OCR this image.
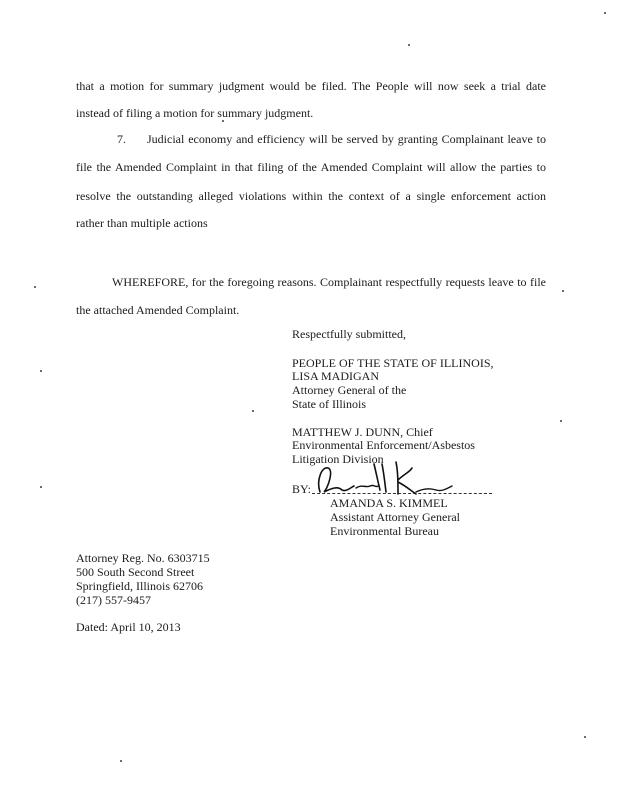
that a motion for summary judgment would be filed. The People will now seek a trial date
instead of filing a motion for summary judgment.
7. Judicial economy and efficiency will be served by granting Complainant leave to
file the Amended Complaint in that filing of the Amended Complaint will allow the parties to
resolve the outstanding alleged violations within the context of a single enforcement action
rather than multiple actions
WHEREFORE, for the foregoing reasons. Complainant respectfully requests leave to file
the attached Amended Complaint.
Respectfully submitted,
PEOPLE OF THE STATE OF ILLINOIS,
LISA MADIGAN
Attorney General of the
State of Illinois
MATTHEW J. DUNN, Chief
Environmental Enforcement/Asbestos
Litigation Division
BY:
AMANDA S. KIMMEL
Assistant Attorney General
Environmental Bureau
Attorney Reg. No. 6303715
500 South Second Street
Springfield, Illinois 62706
(217) 557-9457
Dated: April 10, 2013
